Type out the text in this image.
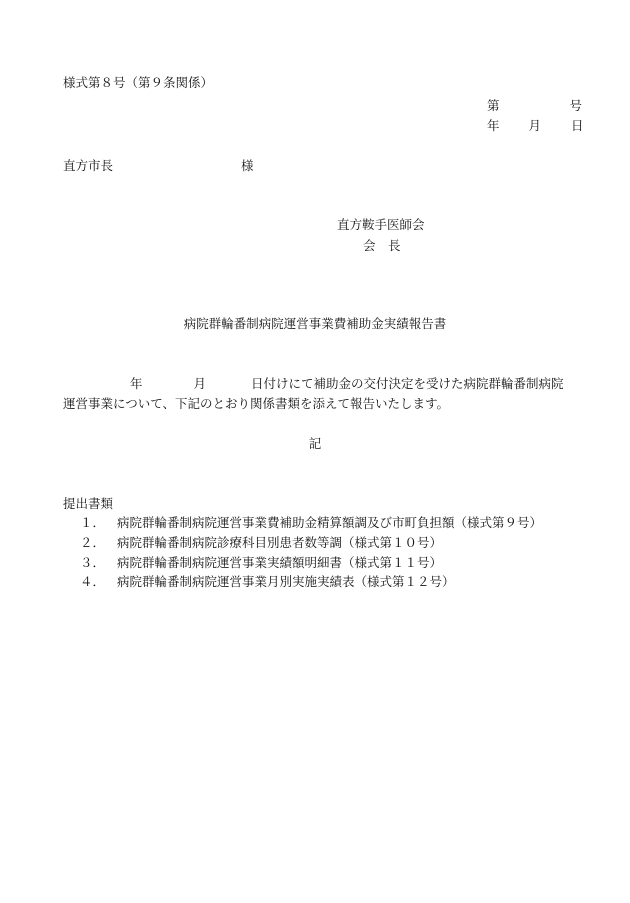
様式第８号（第９条関係）
第	号
年 月 日
直方市長	様
直方鞍手医師会
会　長
病院群輪番制病院運営事業費補助金実績報告書
年	月	日付けにて補助金の交付決定を受けた病院群輪番制病院
運営事業について、下記のとおり関係書類を添えて報告いたします。
記
提出書類
１． 病院群輪番制病院運営事業費補助金精算額調及び市町負担額（様式第９号）
２． 病院群輪番制病院診療科目別患者数等調（様式第１０号）
３． 病院群輪番制病院運営事業実績額明細書（様式第１１号）
４． 病院群輪番制病院運営事業月別実施実績表（様式第１２号）
